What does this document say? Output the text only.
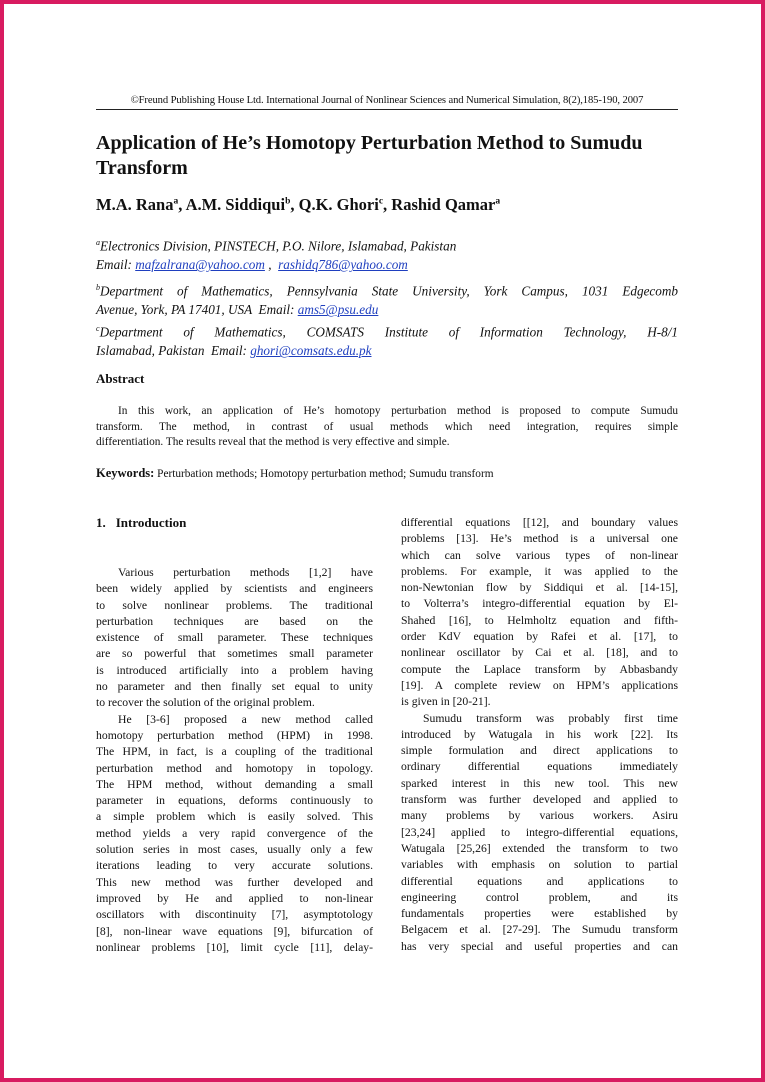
©Freund Publishing House Ltd. International Journal of Nonlinear Sciences and Numerical Simulation, 8(2),185-190, 2007
Application of He’s Homotopy Perturbation Method to Sumudu Transform
M.A. Rana$^a$, A.M. Siddiqui$^b$, Q.K. Ghori$^c$, Rashid Qamar$^a$
$^a$Electronics Division, PINSTECH, P.O. Nilore, Islamabad, Pakistan
Email: mafzalrana@yahoo.com ,  rashidq786@yahoo.com
$^b$Department of Mathematics, Pennsylvania State University, York Campus, 1031 Edgecomb
Avenue, York, PA 17401, USA  Email: ams5@psu.edu
$^c$Department of Mathematics, COMSATS Institute of Information Technology, H-8/1
Islamabad, Pakistan  Email: ghori@comsats.edu.pk
Abstract
In this work, an application of He’s homotopy perturbation method is proposed to compute Sumudu
transform. The method, in contrast of usual methods which need integration, requires simple
differentiation. The results reveal that the method is very effective and simple.
Keywords: Perturbation methods; Homotopy perturbation method; Sumudu transform
1. Introduction
Various perturbation methods [1,2] have
been widely applied by scientists and engineers
to solve nonlinear problems. The traditional
perturbation techniques are based on the
existence of small parameter. These techniques
are so powerful that sometimes small parameter
is introduced artificially into a problem having
no parameter and then finally set equal to unity
to recover the solution of the original problem.
He [3-6] proposed a new method called
homotopy perturbation method (HPM) in 1998.
The HPM, in fact, is a coupling of the traditional
perturbation method and homotopy in topology.
The HPM method, without demanding a small
parameter in equations, deforms continuously to
a simple problem which is easily solved. This
method yields a very rapid convergence of the
solution series in most cases, usually only a few
iterations leading to very accurate solutions.
This new method was further developed and
improved by He and applied to non-linear
oscillators with discontinuity [7], asymptotology
[8], non-linear wave equations [9], bifurcation of
nonlinear problems [10], limit cycle [11], delay-
differential equations [[12], and boundary values
problems [13]. He’s method is a universal one
which can solve various types of non-linear
problems. For example, it was applied to the
non-Newtonian flow by Siddiqui et al. [14-15],
to Volterra’s integro-differential equation by El-
Shahed [16], to Helmholtz equation and fifth-
order KdV equation by Rafei et al. [17], to
nonlinear oscillator by Cai et al. [18], and to
compute the Laplace transform by Abbasbandy
[19]. A complete review on HPM’s applications
is given in [20-21].
Sumudu transform was probably first time
introduced by Watugala in his work [22]. Its
simple formulation and direct applications to
ordinary differential equations immediately
sparked interest in this new tool. This new
transform was further developed and applied to
many problems by various workers. Asiru
[23,24] applied to integro-differential equations,
Watugala [25,26] extended the transform to two
variables with emphasis on solution to partial
differential equations and applications to
engineering control problem, and its
fundamentals properties were established by
Belgacem et al. [27-29]. The Sumudu transform
has very special and useful properties and can
